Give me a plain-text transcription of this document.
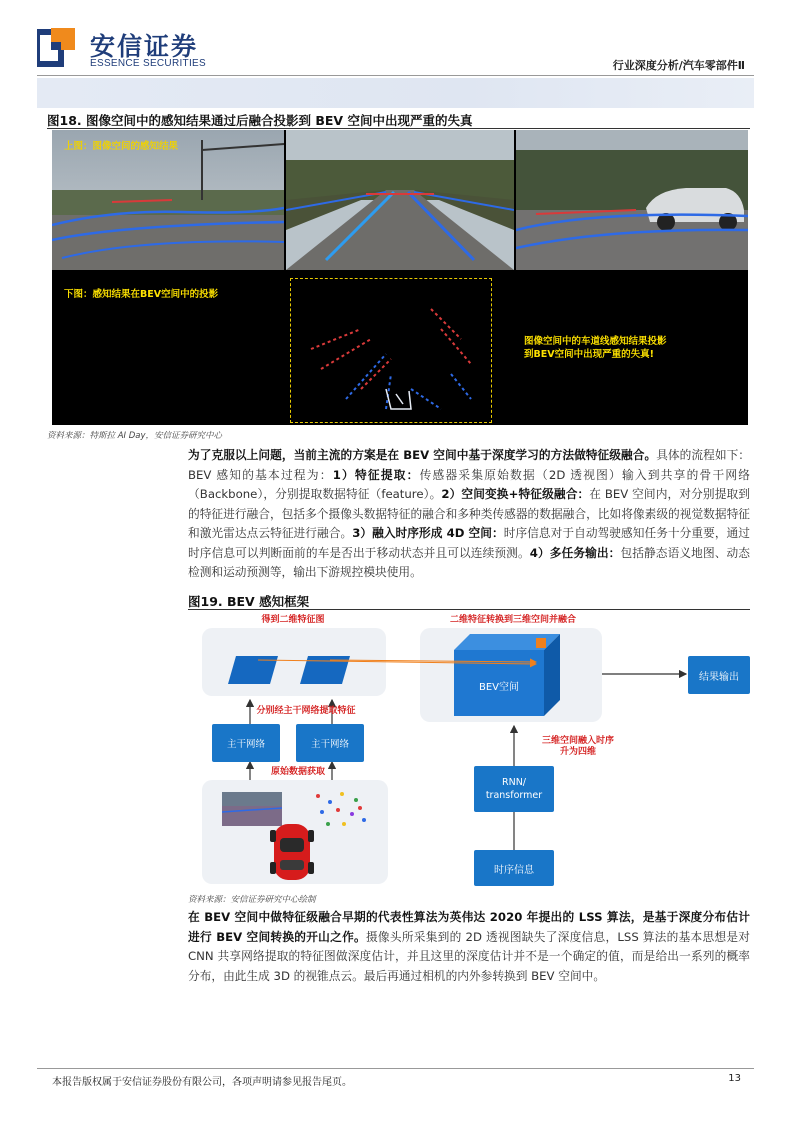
安信证券
ESSENCE SECURITIES	行业深度分析/汽车零部件Ⅱ
图18. 图像空间中的感知结果通过后融合投影到 BEV 空间中出现严重的失真
上图：图像空间的感知结果
下图：感知结果在BEV空间中的投影
图像空间中的车道线感知结果投影到BEV空间中出现严重的失真!
资料来源：特斯拉 AI Day，安信证券研究中心
为了克服以上问题，当前主流的方案是在 BEV 空间中基于深度学习的方法做特征级融合。具体的流程如下：BEV 感知的基本过程为：1）特征提取：传感器采集原始数据（2D 透视图）输入到共享的骨干网络（Backbone），分别提取数据特征（feature）。2）空间变换+特征级融合：在 BEV 空间内，对分别提取到的特征进行融合，包括多个摄像头数据特征的融合和多种类传感器的数据融合，比如将像素级的视觉数据特征和激光雷达点云特征进行融合。3）融入时序形成 4D 空间：时序信息对于自动驾驶感知任务十分重要，通过时序信息可以判断面前的车是否出于移动状态并且可以连续预测。4）多任务输出：包括静态语义地图、动态检测和运动预测等，输出下游规控模块使用。
图19. BEV 感知框架
得到二维特征图	二维特征转换到三维空间并融合
BEV空间
结果输出
分别经主干网络提取特征
主干网络	主干网络	三维空间融入时序升为四维
原始数据获取
RNN/ transformer
时序信息
资料来源：安信证券研究中心绘制
在 BEV 空间中做特征级融合早期的代表性算法为英伟达 2020 年提出的 LSS 算法，是基于深度分布估计进行 BEV 空间转换的开山之作。摄像头所采集到的 2D 透视图缺失了深度信息，LSS 算法的基本思想是对 CNN 共享网络提取的特征图做深度估计，并且这里的深度估计并不是一个确定的值，而是给出一系列的概率分布，由此生成 3D 的视锥点云。最后再通过相机的内外参转换到 BEV 空间中。
本报告版权属于安信证券股份有限公司，各项声明请参见报告尾页。	13
